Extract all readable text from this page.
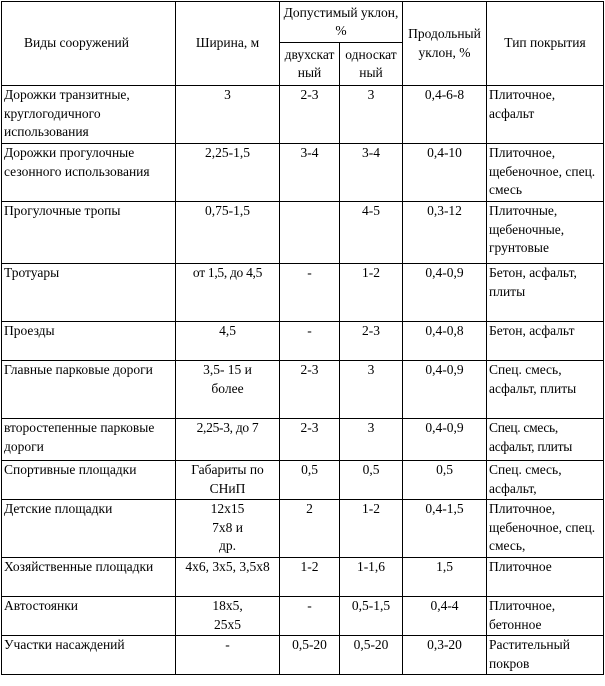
Виды сооружений	Ширина, м	Допустимый уклон, %		Продольный уклон, %	Тип покрытия
		двухскатный	односкатный		
Дорожки транзитные, круглогодичного использования	3	2-3	3	0,4-6-8	Плиточное, асфальт
Дорожки прогулочные сезонного использования	2,25-1,5	3-4	3-4	0,4-10	Плиточное, щебеночное, спец. смесь
Прогулочные тропы	0,75-1,5		4-5	0,3-12	Плиточные, щебеночные, грунтовые
Тротуары	от 1,5, до 4,5	-	1-2	0,4-0,9	Бетон, асфальт, плиты
Проезды	4,5	-	2-3	0,4-0,8	Бетон, асфальт
Главные парковые дороги	3,5- 15 и более	2-3	3	0,4-0,9	Спец. смесь, асфальт, плиты
второстепенные парковые дороги	2,25-3, до 7	2-3	3	0,4-0,9	Спец. смесь, асфальт, плиты
Спортивные площадки	Габариты по СНиП	0,5	0,5	0,5	Спец. смесь, асфальт,
Детские площадки	12x15 7x8 и др.	2	1-2	0,4-1,5	Плиточное, щебеночное, спец. смесь,
Хозяйственные площадки	4x6, 3x5, 3,5x8	1-2	1-1,6	1,5	Плиточное
Автостоянки	18x5, 25x5	-	0,5-1,5	0,4-4	Плиточное, бетонное
Участки насаждений	-	0,5-20	0,5-20	0,3-20	Растительный покров
